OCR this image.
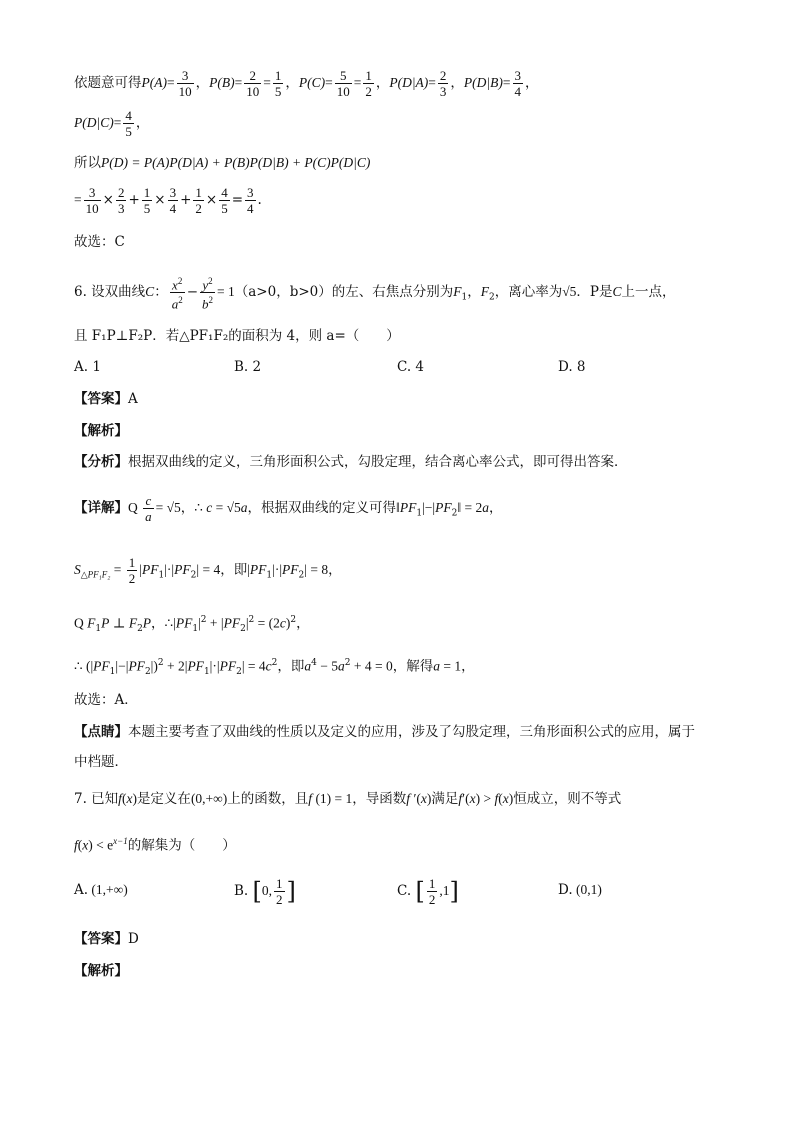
依题意可得$P(A)= \frac{3}{10}$ ，$P(B)= \frac{2}{10} = \frac{1}{5}$ ，$P(C)= \frac{5}{10} = \frac{1}{2}$ ，$P(D|A)= \frac{2}{3}$ ，$P(D|B)= \frac{3}{4}$ ，
$P(D|C)= \frac{4}{5}$ ，
所以P(D) = P(A)P(D|A) + P(B)P(D|B) + P(C)P(D|C)
= $\frac{3}{10} \times \frac{2}{3} + \frac{1}{5} \times \frac{3}{4} + \frac{1}{2} \times \frac{4}{5} = \frac{3}{4}$ .
故选：C
6. 设双曲线C： $\frac{x^2}{a^2} - \frac{y^2}{b^2} = 1(a>0$，b>0）的左、右焦点分别为$F_1$，$F_2$，离心率为√5．P是C上一点，
且 F₁P⊥F₂P．若△PF₁F₂的面积为 4，则 a=（　　）
A. 1	B. 2	C. 4	D. 8
【答案】A
【解析】
【分析】根据双曲线的定义，三角形面积公式，勾股定理，结合离心率公式，即可得出答案．
【详解】Q $\frac{c}{a} = √5$，∴ c = √5a，根据双曲线的定义可得$‖PF_1|-|PF_2‖ = 2a$，
$S_{\triangle PF_1F_2} = \frac{1}{2} |PF_1|\cdot|PF_2| = 4$，即$|PF_1|\cdot|PF_2| = 8$，
Q $F_1P$ ⊥ $F_2P$，$\therefore|PF_1|^2 + |PF_2|^2 = (2c)^2$，
∴ $(|PF_1|-|PF_2|)^2 + 2|PF_1|\cdot|PF_2| = 4c^2$，即$a^4 - 5a^2 + 4 = 0$，解得a = 1，
故选：A．
【点睛】本题主要考查了双曲线的性质以及定义的应用，涉及了勾股定理，三角形面积公式的应用，属于
中档题．
7. 已知f(x)是定义在(0,+∞)上的函数，且f (1) = 1，导函数f ′(x)满足f′(x) > f(x)恒成立，则不等式
$f(x) < e^{x-1}$的解集为（　　）
A. (1,+∞)	B. [0, $\frac{1}{2}$ ]	C. [ $\frac{1}{2} ,1$]	D. (0,1)
【答案】D
【解析】
